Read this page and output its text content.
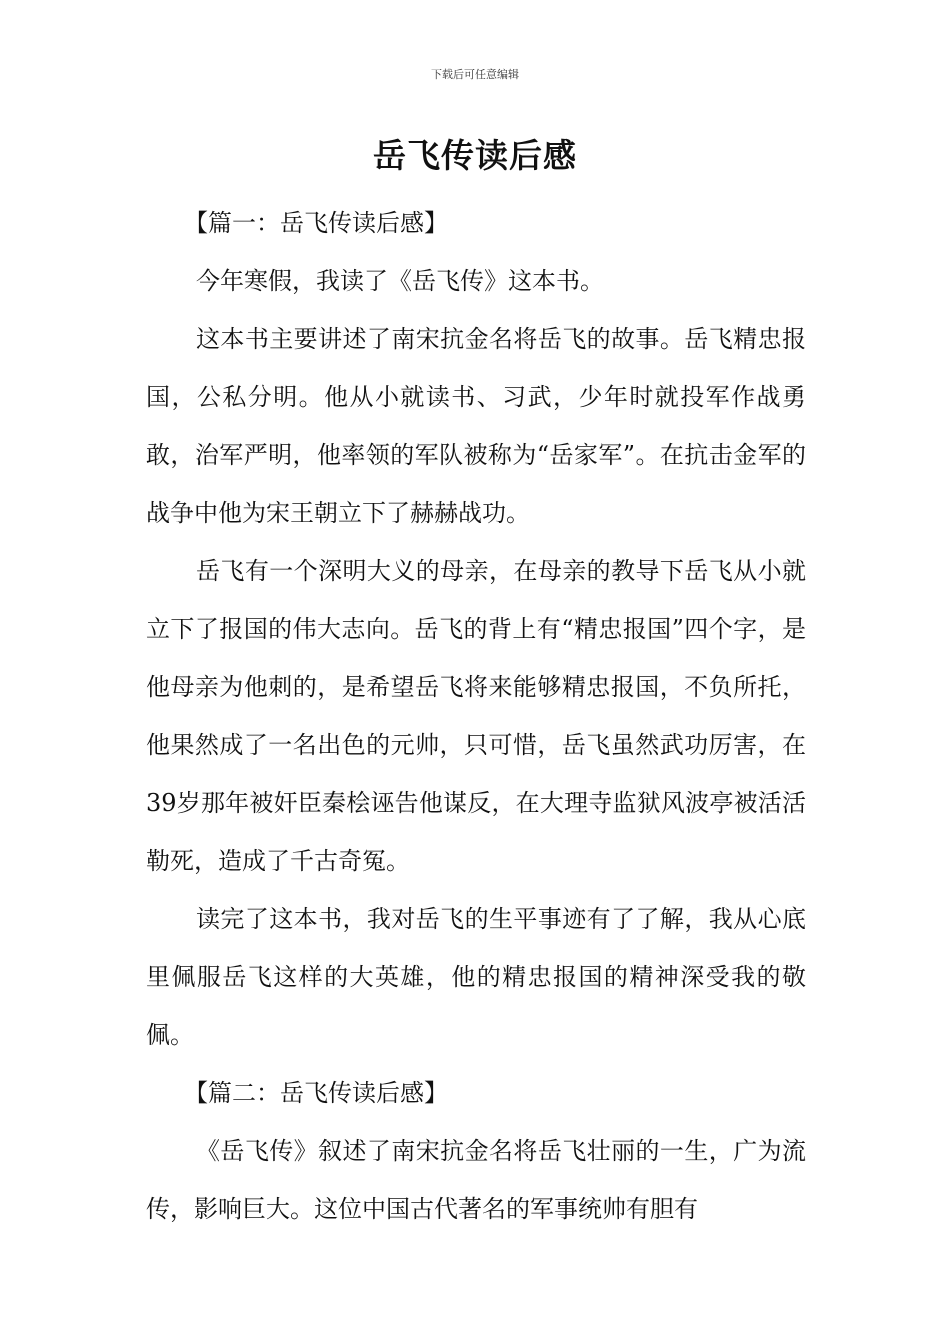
下载后可任意编辑
岳飞传读后感

【篇一：岳飞传读后感】

今年寒假，我读了《岳飞传》这本书。

这本书主要讲述了南宋抗金名将岳飞的故事。岳飞精忠报国，公私分明。他从小就读书、习武，少年时就投军作战勇敢，治军严明，他率领的军队被称为“岳家军”。在抗击金军的战争中他为宋王朝立下了赫赫战功。

岳飞有一个深明大义的母亲，在母亲的教导下岳飞从小就立下了报国的伟大志向。岳飞的背上有“精忠报国”四个字，是他母亲为他刺的，是希望岳飞将来能够精忠报国，不负所托，他果然成了一名出色的元帅，只可惜，岳飞虽然武功厉害，在39岁那年被奸臣秦桧诬告他谋反，在大理寺监狱风波亭被活活勒死，造成了千古奇冤。

读完了这本书，我对岳飞的生平事迹有了了解，我从心底里佩服岳飞这样的大英雄，他的精忠报国的精神深受我的敬佩。

【篇二：岳飞传读后感】

《岳飞传》叙述了南宋抗金名将岳飞壮丽的一生，广为流传，影响巨大。这位中国古代著名的军事统帅有胆有
